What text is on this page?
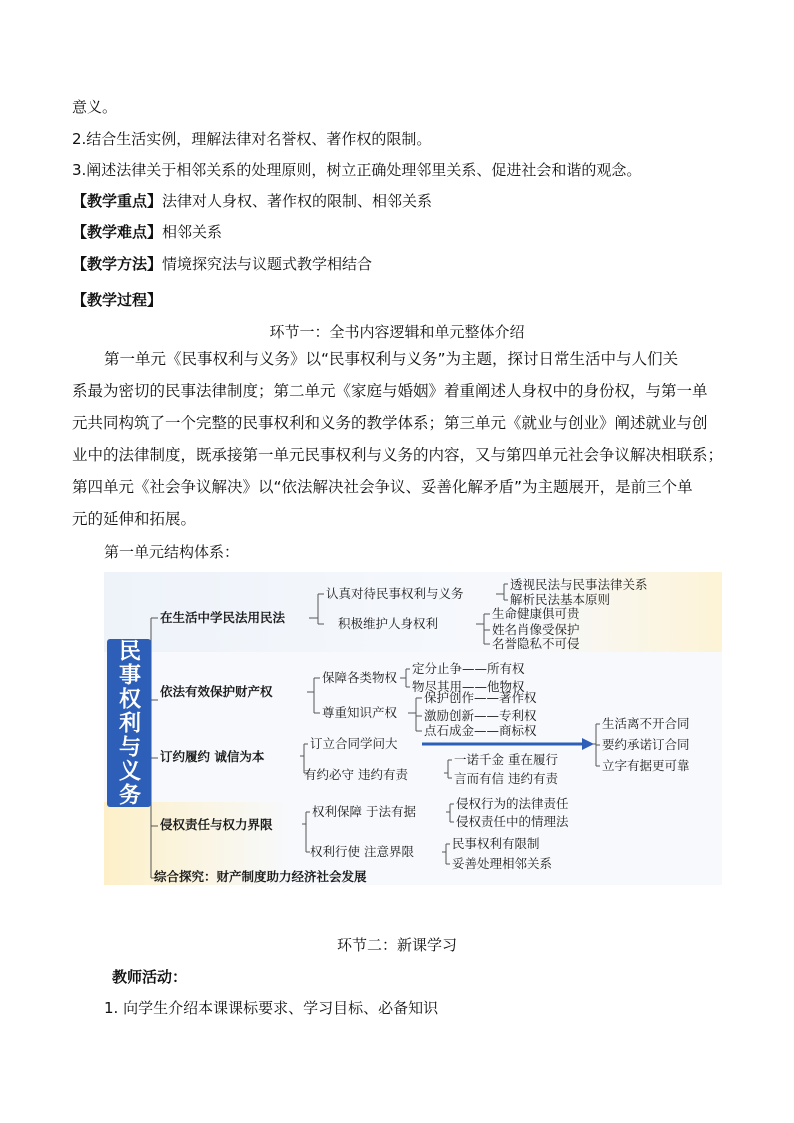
意义。
2.结合生活实例，理解法律对名誉权、著作权的限制。
3.阐述法律关于相邻关系的处理原则，树立正确处理邻里关系、促进社会和谐的观念。
【教学重点】法律对人身权、著作权的限制、相邻关系
【教学难点】相邻关系
【教学方法】情境探究法与议题式教学相结合
【教学过程】
环节一：全书内容逻辑和单元整体介绍
第一单元《民事权利与义务》以“民事权利与义务”为主题，探讨日常生活中与人们关
系最为密切的民事法律制度；第二单元《家庭与婚姻》着重阐述人身权中的身份权，与第一单
元共同构筑了一个完整的民事权利和义务的教学体系；第三单元《就业与创业》阐述就业与创
业中的法律制度，既承接第一单元民事权利与义务的内容，又与第四单元社会争议解决相联系；
第四单元《社会争议解决》以“依法解决社会争议、妥善化解矛盾”为主题展开，是前三个单
元的延伸和拓展。
第一单元结构体系：
民事权利与义务
在生活中学民法用民法
认真对待民事权利与义务
透视民法与民事法律关系
解析民法基本原则
积极维护人身权利
生命健康俱可贵
姓名肖像受保护
名誉隐私不可侵
依法有效保护财产权
保障各类物权
定分止争——所有权
物尽其用——他物权
尊重知识产权
保护创作——著作权
激励创新——专利权
点石成金——商标权
订约履约 诚信为本
订立合同学问大
生活离不开合同
要约承诺订合同
立字有据更可靠
有约必守 违约有责
一诺千金 重在履行
言而有信 违约有责
侵权责任与权力界限
权利保障 于法有据
侵权行为的法律责任
侵权责任中的情理法
权利行使 注意界限
民事权利有限制
妥善处理相邻关系
综合探究：财产制度助力经济社会发展
环节二：新课学习
教师活动：
1. 向学生介绍本课课标要求、学习目标、必备知识
